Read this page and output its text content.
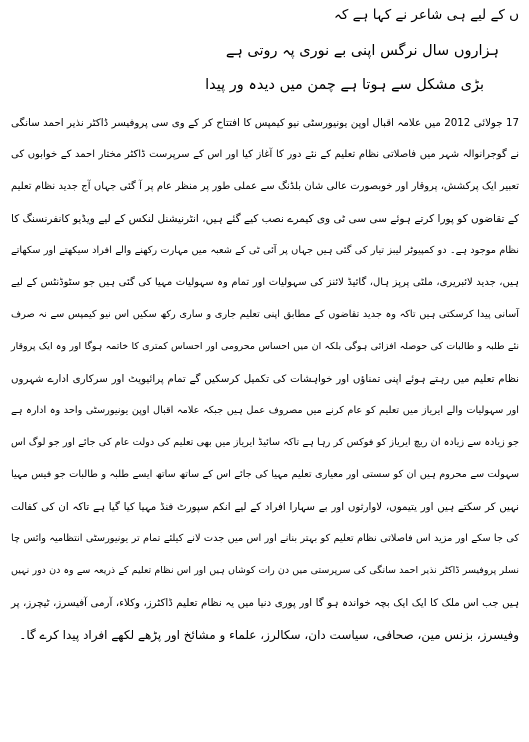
ں کے لیے ہی شاعر نے کہا ہے کہ
ہزاروں سال نرگس اپنی بے نوری پہ روتی ہے
بڑی مشکل سے ہوتا ہے چمن میں دیدہ ور پیدا
17 جولائی 2012 میں علامہ اقبال اوپن یونیورسٹی نیو کیمپس کا افتتاح کر کے وی سی پروفیسر ڈاکٹر نذیر احمد سانگی
نے گوجرانوالہ شہر میں فاصلاتی نظام تعلیم کے نئے دور کا آغاز کیا اور اس کے سرپرست ڈاکٹر مختار احمد کے خوابوں کی
تعبیر ایک پرکشش، پروقار اور خوبصورت عالی شان بلڈنگ سے عملی طور پر منظر عام پر آ گئی جہاں آج جدید نظام تعلیم
کے تقاضوں کو پورا کرتے ہوئے سی سی ٹی وی کیمرے نصب کیے گئے ہیں، انٹرنیشنل لنکس کے لیے ویڈیو کانفرنسنگ کا
نظام موجود ہے۔ دو کمپیوٹر لیبز تیار کی گئی ہیں جہاں پر آئی ٹی کے شعبہ میں مہارت رکھنے والے افراد سیکھتے اور سکھاتے
ہیں، جدید لائبریری، ملٹی پرپز ہال، گائیڈ لائنز کی سہولیات اور تمام وہ سہولیات مہیا کی گئی ہیں جو سٹوڈنٹس کے لیے
آسانی پیدا کرسکتی ہیں تاکہ وہ جدید تقاضوں کے مطابق اپنی تعلیم جاری و ساری رکھ سکیں اس نیو کیمپس سے نہ صرف
نئے طلبہ و طالبات کی حوصلہ افزائی ہوگی بلکہ ان میں احساس محرومی اور احساس کمتری کا خاتمہ ہوگا اور وہ ایک پروقار
نظام تعلیم میں رہتے ہوئے اپنی تمناؤں اور خواہشات کی تکمیل کرسکیں گے تمام پرائیویٹ اور سرکاری ادارے شہروں
اور سہولیات والے ایریاز میں تعلیم کو عام کرنے میں مصروف عمل ہیں جبکہ علامہ اقبال اوپن یونیورسٹی واحد وہ ادارہ ہے
جو زیادہ سے زیادہ ان ریچ ایریاز کو فوکس کر رہا ہے تاکہ سائیڈ ایریاز میں بھی تعلیم کی دولت عام کی جائے اور جو لوگ اس
سہولت سے محروم ہیں ان کو سستی اور معیاری تعلیم مہیا کی جائے اس کے ساتھ ساتھ ایسے طلبہ و طالبات جو فیس مہیا
نہیں کر سکتے ہیں اور یتیموں، لاوارثوں اور بے سہارا افراد کے لیے انکم سپورٹ فنڈ مہیا کیا گیا ہے تاکہ ان کی کفالت
کی جا سکے اور مزید اس فاصلاتی نظام تعلیم کو بہتر بنانے اور اس میں جدت لانے کیلئے تمام تر یونیورسٹی انتظامیہ وائس چا
نسلر پروفیسر ڈاکٹر نذیر احمد سانگی کی سرپرستی میں دن رات کوشاں ہیں اور اس نظام تعلیم کے ذریعہ سے وہ دن دور نہیں
ہیں جب اس ملک کا ایک ایک بچہ خواندہ ہو گا اور پوری دنیا میں یہ نظام تعلیم ڈاکٹرز، وکلاء، آرمی آفیسرز، ٹیچرز، پر
وفیسرز، بزنس مین، صحافی، سیاست دان، سکالرز، علماء و مشائخ اور پڑھے لکھے افراد پیدا کرے گا۔
